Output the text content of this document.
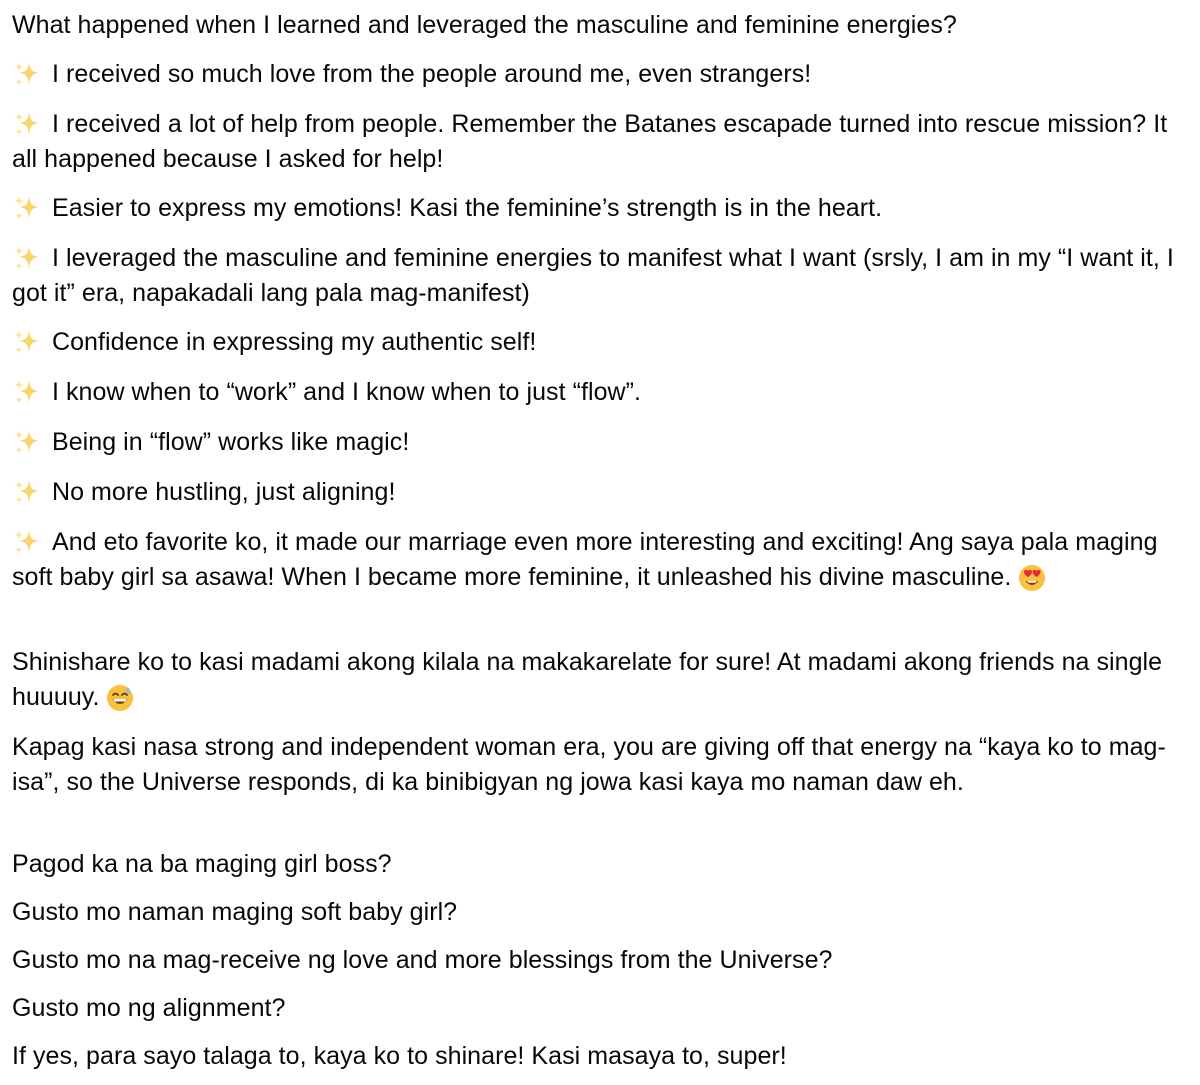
What happened when I learned and leveraged the masculine and feminine energies?

I received so much love from the people around me, even strangers!

I received a lot of help from people. Remember the Batanes escapade turned into rescue mission? It all happened because I asked for help!

Easier to express my emotions! Kasi the feminine’s strength is in the heart.

I leveraged the masculine and feminine energies to manifest what I want (srsly, I am in my “I want it, I got it” era, napakadali lang pala mag-manifest)

Confidence in expressing my authentic self!

I know when to “work” and I know when to just “flow”.

Being in “flow” works like magic!

No more hustling, just aligning!

And eto favorite ko, it made our marriage even more interesting and exciting! Ang saya pala maging soft baby girl sa asawa! When I became more feminine, it unleashed his divine masculine.

Shinishare ko to kasi madami akong kilala na makakarelate for sure! At madami akong friends na single huuuuy.

Kapag kasi nasa strong and independent woman era, you are giving off that energy na “kaya ko to mag-isa”, so the Universe responds, di ka binibigyan ng jowa kasi kaya mo naman daw eh.

Pagod ka na ba maging girl boss?

Gusto mo naman maging soft baby girl?

Gusto mo na mag-receive ng love and more blessings from the Universe?

Gusto mo ng alignment?

If yes, para sayo talaga to, kaya ko to shinare! Kasi masaya to, super!
